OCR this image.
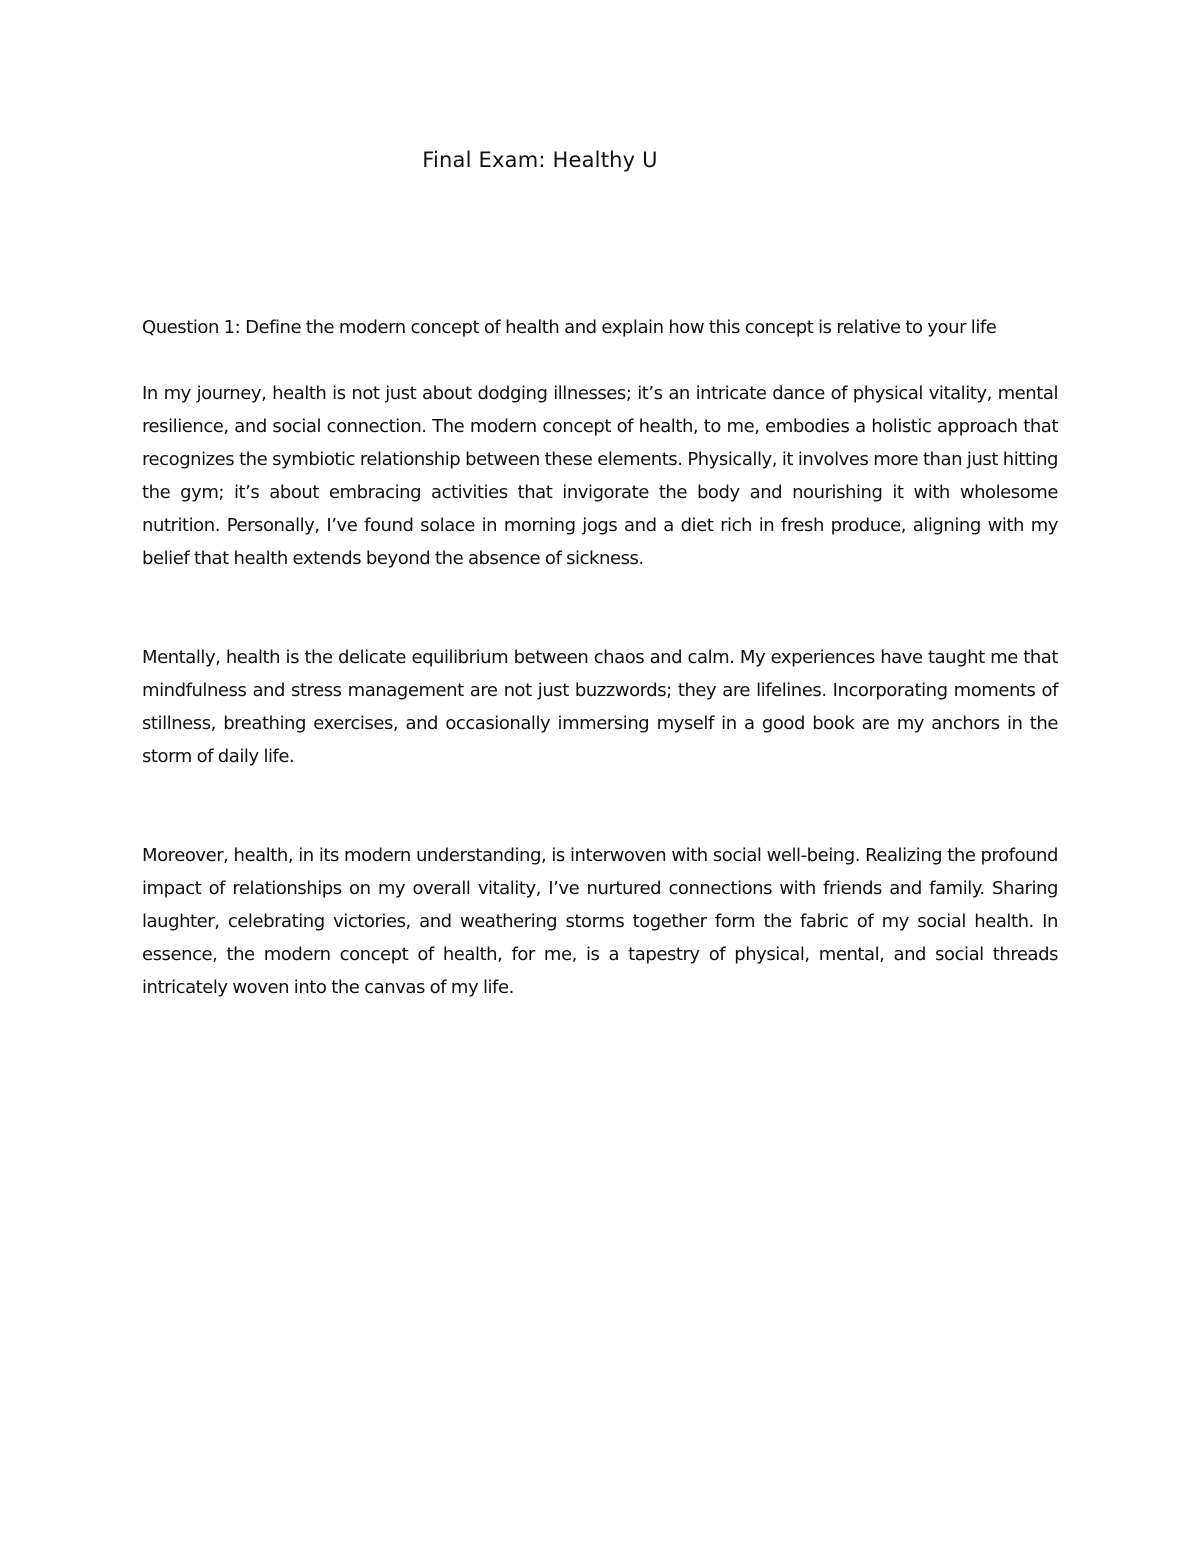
Final Exam: Healthy U

Question 1: Define the modern concept of health and explain how this concept is relative to your life

In my journey, health is not just about dodging illnesses; it’s an intricate dance of physical vitality, mental resilience, and social connection. The modern concept of health, to me, embodies a holistic approach that recognizes the symbiotic relationship between these elements. Physically, it involves more than just hitting the gym; it’s about embracing activities that invigorate the body and nourishing it with wholesome nutrition. Personally, I’ve found solace in morning jogs and a diet rich in fresh produce, aligning with my belief that health extends beyond the absence of sickness.

Mentally, health is the delicate equilibrium between chaos and calm. My experiences have taught me that mindfulness and stress management are not just buzzwords; they are lifelines. Incorporating moments of stillness, breathing exercises, and occasionally immersing myself in a good book are my anchors in the storm of daily life.

Moreover, health, in its modern understanding, is interwoven with social well-being. Realizing the profound impact of relationships on my overall vitality, I’ve nurtured connections with friends and family. Sharing laughter, celebrating victories, and weathering storms together form the fabric of my social health. In essence, the modern concept of health, for me, is a tapestry of physical, mental, and social threads intricately woven into the canvas of my life.
